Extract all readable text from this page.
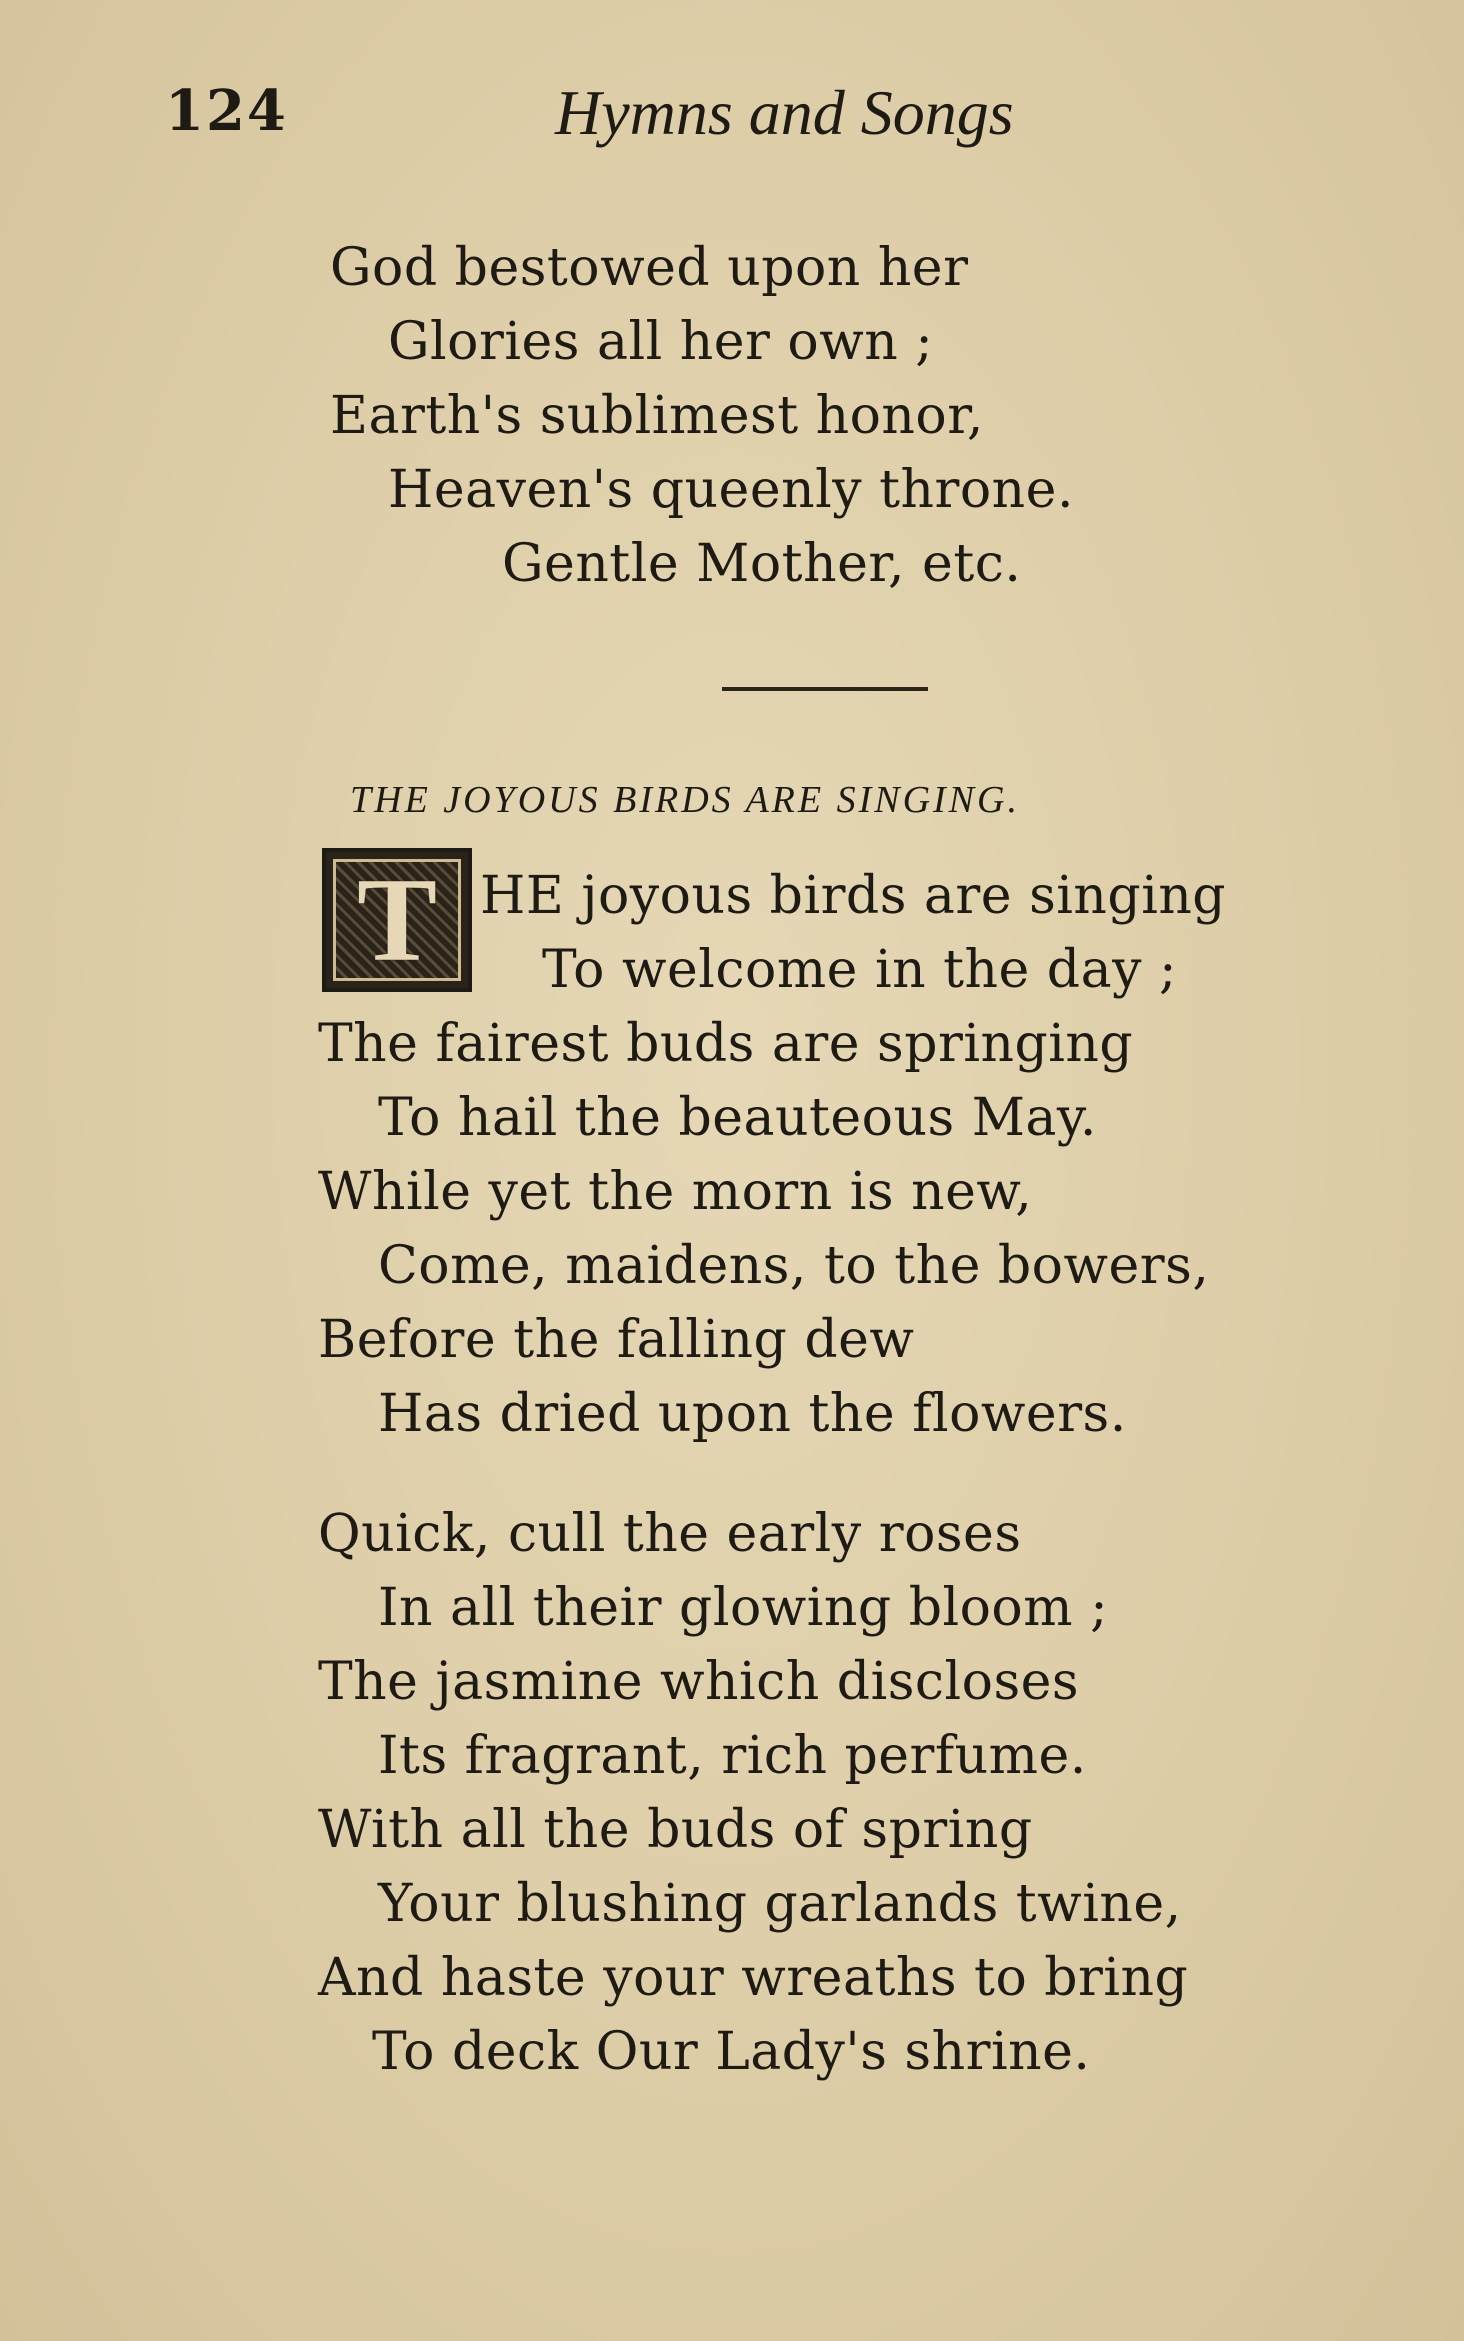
124	Hymns and Songs
God bestowed upon her
Glories all her own ;
Earth's sublimest honor,
Heaven's queenly throne.
Gentle Mother, etc.
THE JOYOUS BIRDS ARE SINGING.
T HE joyous birds are singing
To welcome in the day ;
The fairest buds are springing
To hail the beauteous May.
While yet the morn is new,
Come, maidens, to the bowers,
Before the falling dew
Has dried upon the flowers.
Quick, cull the early roses
In all their glowing bloom ;
The jasmine which discloses
Its fragrant, rich perfume.
With all the buds of spring
Your blushing garlands twine,
And haste your wreaths to bring
To deck Our Lady's shrine.
